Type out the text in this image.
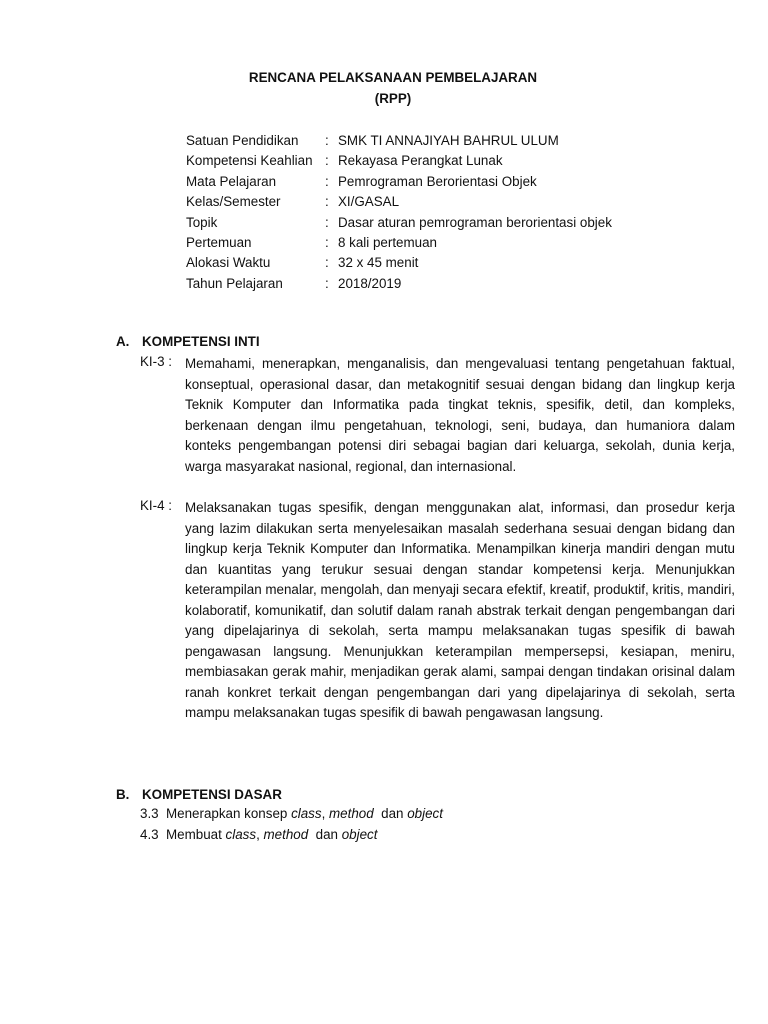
RENCANA PELAKSANAAN PEMBELAJARAN
(RPP)
Satuan Pendidikan : SMK TI ANNAJIYAH BAHRUL ULUM
Kompetensi Keahlian : Rekayasa Perangkat Lunak
Mata Pelajaran	: Pemrograman Berorientasi Objek
Kelas/Semester	: XI/GASAL
Topik	: Dasar aturan pemrograman berorientasi objek
Pertemuan	: 8 kali pertemuan
Alokasi Waktu	: 32 x 45 menit
Tahun Pelajaran	: 2018/2019
A. KOMPETENSI INTI
KI-3 : Memahami, menerapkan, menganalisis, dan mengevaluasi tentang pengetahuan faktual, konseptual, operasional dasar, dan metakognitif sesuai dengan bidang dan lingkup kerja Teknik Komputer dan Informatika pada tingkat teknis, spesifik, detil, dan kompleks, berkenaan dengan ilmu pengetahuan, teknologi, seni, budaya, dan humaniora dalam konteks pengembangan potensi diri sebagai bagian dari keluarga, sekolah, dunia kerja, warga masyarakat nasional, regional, dan internasional.
KI-4 : Melaksanakan tugas spesifik, dengan menggunakan alat, informasi, dan prosedur kerja yang lazim dilakukan serta menyelesaikan masalah sederhana sesuai dengan bidang dan lingkup kerja Teknik Komputer dan Informatika. Menampilkan kinerja mandiri dengan mutu dan kuantitas yang terukur sesuai dengan standar kompetensi kerja. Menunjukkan keterampilan menalar, mengolah, dan menyaji secara efektif, kreatif, produktif, kritis, mandiri, kolaboratif, komunikatif, dan solutif dalam ranah abstrak terkait dengan pengembangan dari yang dipelajarinya di sekolah, serta mampu melaksanakan tugas spesifik di bawah pengawasan langsung. Menunjukkan keterampilan mempersepsi, kesiapan, meniru, membiasakan gerak mahir, menjadikan gerak alami, sampai dengan tindakan orisinal dalam ranah konkret terkait dengan pengembangan dari yang dipelajarinya di sekolah, serta mampu melaksanakan tugas spesifik di bawah pengawasan langsung.
B. KOMPETENSI DASAR
3.3 Menerapkan konsep class, method  dan object
4.3 Membuat class, method  dan object
